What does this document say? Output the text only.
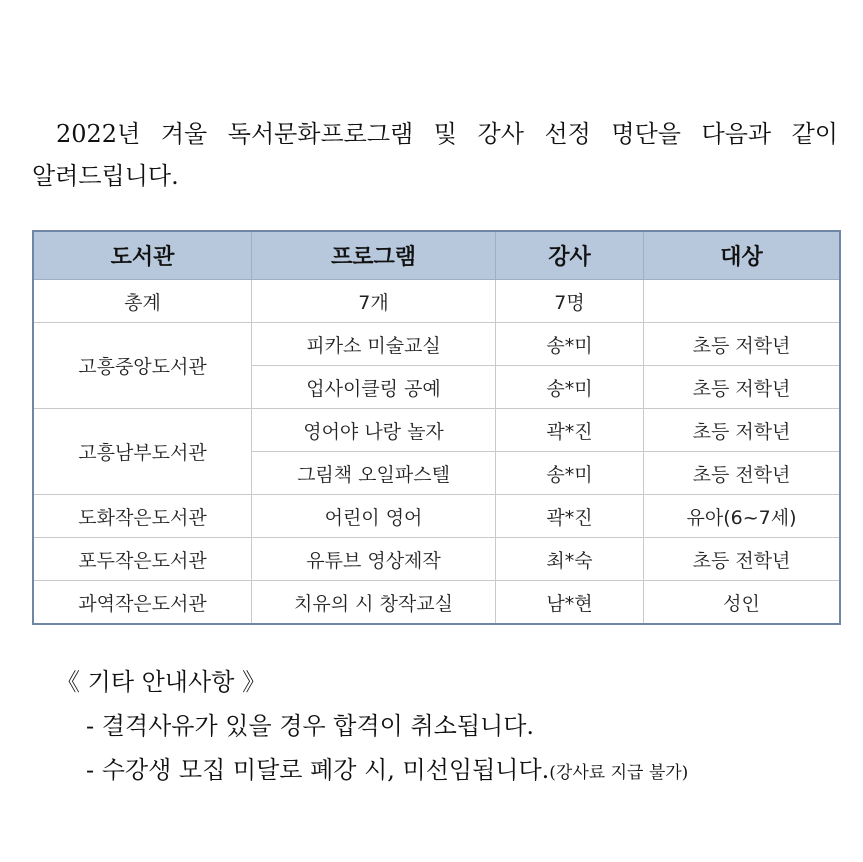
2022년 겨울 독서문화프로그램 및 강사 선정 명단을 다음과 같이
알려드립니다.
도서관	프로그램	강사	대상
총계	7개	7명	
고흥중앙도서관	피카소 미술교실	송*미	초등 저학년
	업사이클링 공예	송*미	초등 저학년
고흥남부도서관	영어야 나랑 놀자	곽*진	초등 저학년
	그림책 오일파스텔	송*미	초등 전학년
도화작은도서관	어린이 영어	곽*진	유아(6~7세)
포두작은도서관	유튜브 영상제작	최*숙	초등 전학년
과역작은도서관	치유의 시 창작교실	남*현	성인
《 기타 안내사항 》
- 결격사유가 있을 경우 합격이 취소됩니다.
- 수강생 모집 미달로 폐강 시, 미선임됩니다.(강사료 지급 불가)
